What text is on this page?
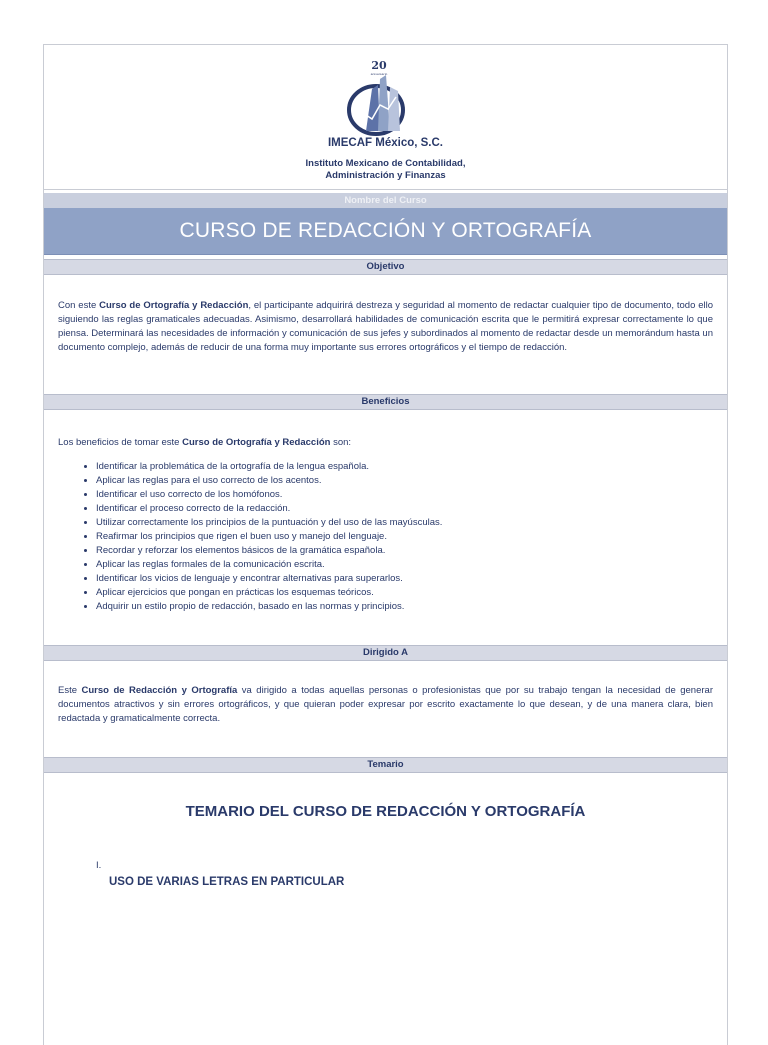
20
aniversario
IMECAF México, S.C.
Instituto Mexicano de Contabilidad,
Administración y Finanzas
Nombre del Curso
CURSO DE REDACCIÓN Y ORTOGRAFÍA
Objetivo

Con este Curso de Ortografía y Redacción, el participante adquirirá destreza y seguridad al momento de redactar cualquier tipo de documento, todo ello siguiendo las reglas gramaticales adecuadas. Asimismo, desarrollará habilidades de comunicación escrita que le permitirá expresar correctamente lo que piensa. Determinará las necesidades de información y comunicación de sus jefes y subordinados al momento de redactar desde un memorándum hasta un documento complejo, además de reducir de una forma muy importante sus errores ortográficos y el tiempo de redacción.

Beneficios

Los beneficios de tomar este Curso de Ortografía y Redacción son:

• Identificar la problemática de la ortografía de la lengua española.
• Aplicar las reglas para el uso correcto de los acentos.
• Identificar el uso correcto de los homófonos.
• Identificar el proceso correcto de la redacción.
• Utilizar correctamente los principios de la puntuación y del uso de las mayúsculas.
• Reafirmar los principios que rigen el buen uso y manejo del lenguaje.
• Recordar y reforzar los elementos básicos de la gramática española.
• Aplicar las reglas formales de la comunicación escrita.
• Identificar los vicios de lenguaje y encontrar alternativas para superarlos.
• Aplicar ejercicios que pongan en prácticas los esquemas teóricos.
• Adquirir un estilo propio de redacción, basado en las normas y principios.
Dirigido A

Este Curso de Redacción y Ortografía va dirigido a todas aquellas personas o profesionistas que por su trabajo tengan la necesidad de generar documentos atractivos y sin errores ortográficos, y que quieran poder expresar por escrito exactamente lo que desean, y de una manera clara, bien redactada y gramaticalmente correcta.

Temario
TEMARIO DEL CURSO DE REDACCIÓN Y ORTOGRAFÍA
I.
USO DE VARIAS LETRAS EN PARTICULAR
